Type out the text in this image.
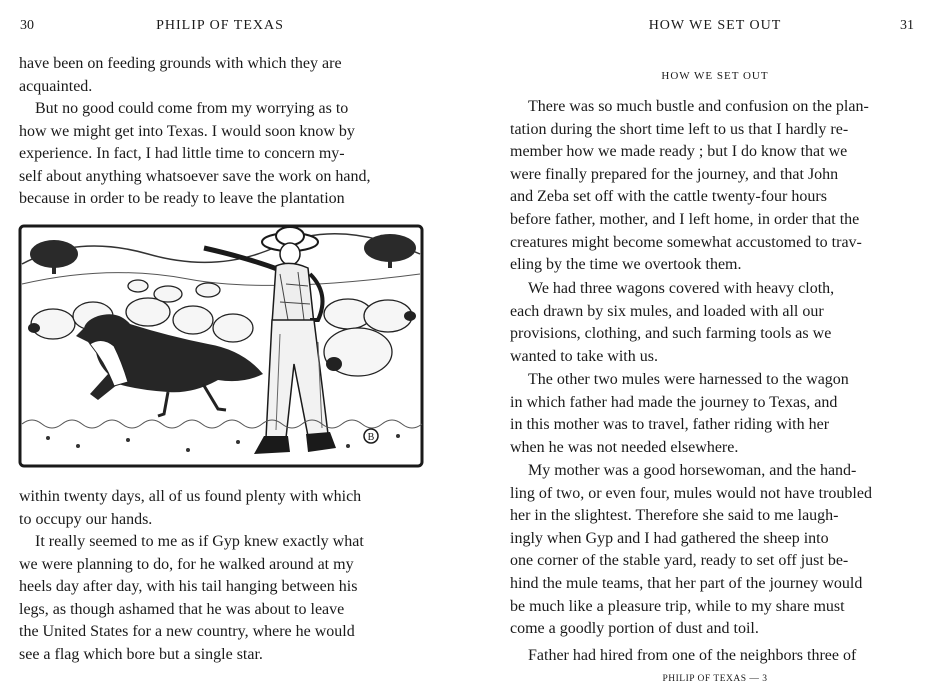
30	PHILIP OF TEXAS
have been on feeding grounds with which they are
acquainted.
But no good could come from my worrying as to
how we might get into Texas. I would soon know by
experience. In fact, I had little time to concern my-
self about anything whatsoever save the work on hand,
because in order to be ready to leave the plantation
B
within twenty days, all of us found plenty with which
to occupy our hands.
It really seemed to me as if Gyp knew exactly what
we were planning to do, for he walked around at my
heels day after day, with his tail hanging between his
legs, as though ashamed that he was about to leave
the United States for a new country, where he would
see a flag which bore but a single star.
HOW WE SET OUT	31
HOW WE SET OUT
There was so much bustle and confusion on the plan-
tation during the short time left to us that I hardly re-
member how we made ready ; but I do know that we
were finally prepared for the journey, and that John
and Zeba set off with the cattle twenty-four hours
before father, mother, and I left home, in order that the
creatures might become somewhat accustomed to trav-
eling by the time we overtook them.
We had three wagons covered with heavy cloth,
each drawn by six mules, and loaded with all our
provisions, clothing, and such farming tools as we
wanted to take with us.
The other two mules were harnessed to the wagon
in which father had made the journey to Texas, and
in this mother was to travel, father riding with her
when he was not needed elsewhere.
My mother was a good horsewoman, and the hand-
ling of two, or even four, mules would not have troubled
her in the slightest. Therefore she said to me laugh-
ingly when Gyp and I had gathered the sheep into
one corner of the stable yard, ready to set off just be-
hind the mule teams, that her part of the journey would
be much like a pleasure trip, while to my share must
come a goodly portion of dust and toil.
Father had hired from one of the neighbors three of
PHILIP OF TEXAS — 3
